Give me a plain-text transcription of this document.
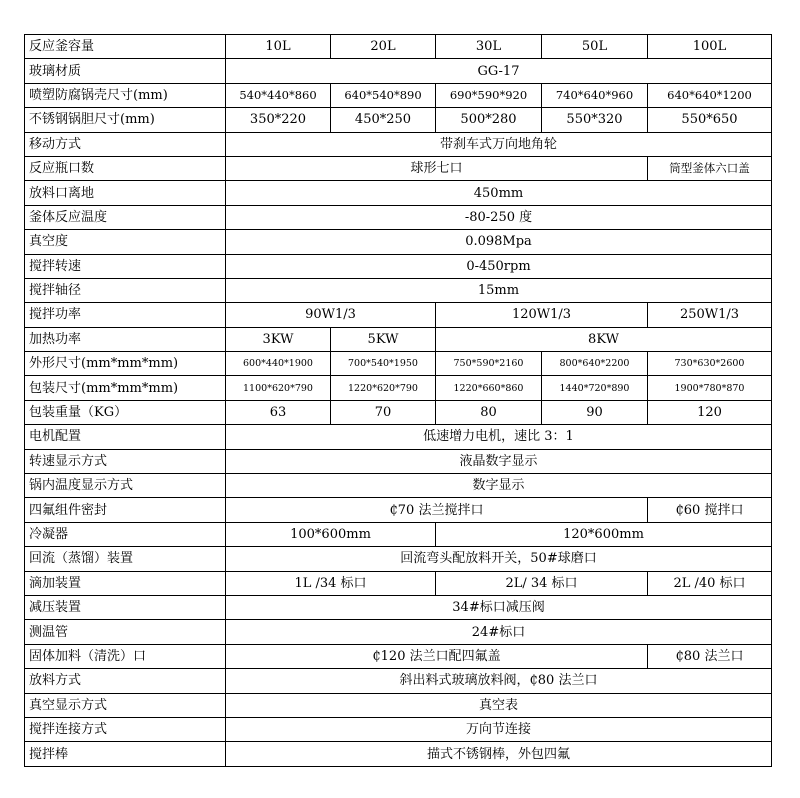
反应釜容量	10L	20L	30L	50L	100L
玻璃材质	GG-17				
喷塑防腐锅壳尺寸(mm)	540*440*860	640*540*890	690*590*920	740*640*960	640*640*1200
不锈钢锅胆尺寸(mm)	350*220	450*250	500*280	550*320	550*650
移动方式	带刹车式万向地角轮				
反应瓶口数	球形七口				筒型釜体六口盖
放料口离地	450mm				
釜体反应温度	-80-250 度				
真空度	0.098Mpa				
搅拌转速	0-450rpm				
搅拌轴径	15mm				
搅拌功率	90W1/3		120W1/3		250W1/3
加热功率	3KW	5KW	8KW		
外形尺寸(mm*mm*mm)	600*440*1900	700*540*1950	750*590*2160	800*640*2200	730*630*2600
包装尺寸(mm*mm*mm)	1100*620*790	1220*620*790	1220*660*860	1440*720*890	1900*780*870
包装重量（KG）	63	70	80	90	120
电机配置	低速增力电机，速比 3：1				
转速显示方式	液晶数字显示				
锅内温度显示方式	数字显示				
四氟组件密封	₵70 法兰搅拌口				₵60 搅拌口
冷凝器	100*600mm		120*600mm		
回流（蒸馏）装置	回流弯头配放料开关，50#球磨口				
滴加装置	1L /34 标口		2L/ 34 标口		2L /40 标口
减压装置	34#标口减压阀				
测温管	24#标口				
固体加料（清洗）口	₵120 法兰口配四氟盖				₵80 法兰口
放料方式	斜出料式玻璃放料阀，₵80 法兰口				
真空显示方式	真空表				
搅拌连接方式	万向节连接				
搅拌棒	描式不锈钢棒，外包四氟				
